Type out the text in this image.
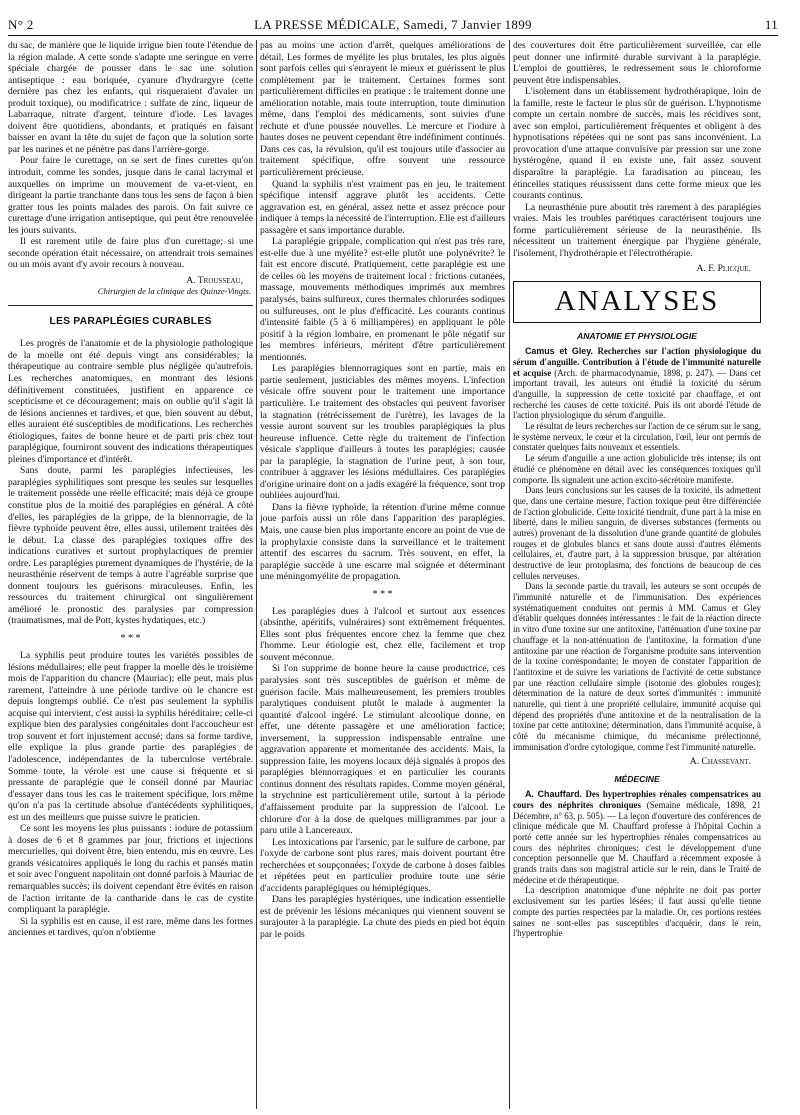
N° 2	LA PRESSE MÉDICALE, Samedi, 7 Janvier 1899	11

du sac, de manière que le liquide irrigue bien toute l'étendue de la région malade. A cette sonde s'adapte une seringue en verre spéciale chargée de pousser dans le sac une solution antiseptique : eau boriquée, cyanure d'hydrargyre (cette dernière pas chez les enfants, qui risqueraient d'avaler un produit toxique), ou modificatrice : sulfate de zinc, liqueur de Labarraque, nitrate d'argent, teinture d'iode. Les lavages doivent être quotidiens, abondants, et pratiqués en faisant baisser en avant la tête du sujet de façon que la solution sorte par les narines et ne pénètre pas dans l'arrière-gorge.

Pour faire le curettage, on se sert de fines curettes qu'on introduit, comme les sondes, jusque dans le canal lacrymal et auxquelles on imprime un mouvement de va-et-vient, en dirigeant la partie tranchante dans tous les sens de façon à bien gratter tous les points malades des parois. On fait suivre ce curettage d'une irrigation antiseptique, qui peut être renouvelée les jours suivants.

Il est rarement utile de faire plus d'un curettage; si une seconde opération était nécessaire, on attendrait trois semaines ou un mois avant d'y avoir recours à nouveau.

A. Trousseau,
Chirurgien de la clinique des Quinze-Vingts.
LES PARAPLÉGIES CURABLES

Les progrès de l'anatomie et de la physiologie pathologique de la moelle ont été depuis vingt ans considérables; la thérapeutique au contraire semble plus négligée qu'autrefois. Les recherches anatomiques, en montrant des lésions définitivement constituées, justifient en apparence ce scepticisme et ce découragement; mais on oublie qu'il s'agit là de lésions anciennes et tardives, et que, bien souvent au début, elles auraient été susceptibles de modifications. Les recherches étiologiques, faites de bonne heure et de parti pris chez tout paraplégique, fourniront souvent des indications thérapeutiques pleines d'importance et d'intérêt.

Sans doute, parmi les paraplégies infectieuses, les paraplégies syphilitiques sont presque les seules sur lesquelles le traitement possède une réelle efficacité; mais déjà ce groupe constitue plus de la moitié des paraplégies en général. A côté d'elles, les paraplégies de la grippe, de la blennorragie, de la fièvre typhoïde peuvent être, elles aussi, utilement traitées dès le début. La classe des paraplégies toxiques offre des indications curatives et surtout prophylactiques de premier ordre. Les paraplégies purement dynamiques de l'hystérie, de la neurasthénie réservent de temps à autre l'agréable surprise que donnent toujours les guérisons miraculeuses. Enfin, les ressources du traitement chirurgical ont singulièrement amélioré le pronostic des paralysies par compression (traumatismes, mal de Pott, kystes hydatiques, etc.)

* * *

La syphilis peut produire toutes les variétés possibles de lésions médullaires; elle peut frapper la moelle dès le troisième mois de l'apparition du chancre (Mauriac); elle peut, mais plus rarement, l'atteindre à une période tardive où le chancre est depuis longtemps oublié. Ce n'est pas seulement la syphilis acquise qui intervient, c'est aussi la syphilis héréditaire; celle-ci explique bien des paralysies congénitales dont l'accoucheur est trop souvent et fort injustement accusé; dans sa forme tardive, elle explique la plus grande partie des paraplégies de l'adolescence, indépendantes de la tuberculose vertébrale. Somme toute, la vérole est une cause si fréquente et si pressante de paraplégie que le conseil donné par Mauriac d'essayer dans tous les cas le traitement spécifique, lors même qu'on n'a pas la certitude absolue d'antécédents syphilitiques, est un des meilleurs que puisse suivre le praticien.

Ce sont les moyens les plus puissants : iodure de potassium à doses de 6 et 8 grammes par jour, frictions et injections mercurielles, qui doivent être, bien entendu, mis en œuvre. Les grands vésicatoires appliqués le long du rachis et pansés matin et soir avec l'onguent napolitain ont donné parfois à Mauriac de remarquables succès; ils doivent cependant être évités en raison de l'action irritante de la cantharide dans le cas de cystite compliquant la paraplégie.

Si la syphilis est en cause, il est rare, même dans les formes anciennes et tardives, qu'on n'obtienne

pas au moins une action d'arrêt, quelques améliorations de détail. Les formes de myélite les plus brutales, les plus aiguës sont parfois celles qui s'enrayent le mieux et guérissent le plus complètement par le traitement. Certaines formes sont particulièrement difficiles en pratique : le traitement donne une amélioration notable, mais toute interruption, toute diminution même, dans l'emploi des médicaments, sont suivies d'une rechute et d'une poussée nouvelles. Le mercure et l'iodure à hautes doses ne peuvent cependant être indéfiniment continués. Dans ces cas, la révulsion, qu'il est toujours utile d'associer au traitement spécifique, offre souvent une ressource particulièrement précieuse.

Quand la syphilis n'est vraiment pas en jeu, le traitement spécifique intensif aggrave plutôt les accidents. Cette aggravation est, en général, assez nette et assez précoce pour indiquer à temps la nécessité de l'interruption. Elle est d'ailleurs passagère et sans importance durable.

La paraplégie grippale, complication qui n'est pas très rare, est-elle due à une myélite? est-elle plutôt une polynévrite? le fait est encore discuté. Pratiquement, cette paraplégie est une de celles où les moyens de traitement local : frictions cutanées, massage, mouvements méthodiques imprimés aux membres paralysés, bains sulfureux, cures thermales chlorurées sodiques ou sulfureuses, ont le plus d'efficacité. Les courants continus d'intensité faible (5 à 6 milliampères) en appliquant le pôle positif à la région lombaire, en promenant le pôle négatif sur les membres inférieurs, méritent d'être particulièrement mentionnés.

Les paraplégies blennorragiques sont en partie, mais en partie seulement, justiciables des mêmes moyens. L'infection vésicale offre souvent pour le traitement une importance particulière. Le traitement des obstacles qui peuvent favoriser la stagnation (rétrécissement de l'urètre), les lavages de la vessie auront souvent sur les troubles paraplégiques la plus heureuse influence. Cette règle du traitement de l'infection vésicale s'applique d'ailleurs à toutes les paraplégies; causée par la paraplégie, la stagnation de l'urine peut, à son tour, contribuer à aggraver les lésions médullaires. Ces paraplégies d'origine urinaire dont on a jadis exagéré la fréquence, sont trop oubliées aujourd'hui.

Dans la fièvre typhoïde, la rétention d'urine même connue joue parfois aussi un rôle dans l'apparition des paraplégies. Mais, une cause bien plus importante encore au point de vue de la prophylaxie consiste dans la surveillance et le traitement attentif des escarres du sacrum. Très souvent, en effet, la paraplégie succède à une escarre mal soignée et déterminant une méningomyélite de propagation.

* * *

Les paraplégies dues à l'alcool et surtout aux essences (absinthe, apéritifs, vulnéraires) sont extrêmement fréquentes. Elles sont plus fréquentes encore chez la femme que chez l'homme. Leur étiologie est, chez elle, facilement et trop souvent méconnue.

Si l'on supprime de bonne heure la cause productrice, ces paralysies sont très susceptibles de guérison et même de guérison facile. Mais malheureusement, les premiers troubles paralytiques conduisent plutôt le malade à augmenter la quantité d'alcool ingéré. Le stimulant alcoolique donne, en effet, une détente passagère et une amélioration factice; inversement, la suppression indispensable entraîne une aggravation apparente et momentanée des accidents. Mais, la suppression faite, les moyens locaux déjà signalés à propos des paraplégies blennorragiques et en particulier les courants continus donnent des résultats rapides. Comme moyen général, la strychnine est particulièrement utile, surtout à la période d'affaissement produite par la suppression de l'alcool. Le chlorure d'or à la dose de quelques milligrammes par jour a paru utile à Lancereaux.

Les intoxications par l'arsenic, par le sulfure de carbone, par l'oxyde de carbone sont plus rares, mais doivent pourtant être recherchées et soupçonnées; l'oxyde de carbone à doses faibles et répétées peut en particulier produire toute une série d'accidents paraplégiques ou hémiplégiques.

Dans les paraplégies hystériques, une indication essentielle est de prévenir les lésions mécaniques qui viennent souvent se surajouter à la paraplégie. La chute des pieds en pied bot équin par le poids

des couvertures doit être particulièrement surveillée, car elle peut donner une infirmité durable survivant à la paraplégie. L'emploi de gouttières, le redressement sous le chloroforme peuvent être indispensables.

L'isolement dans un établissement hydrothérapique, loin de la famille, reste le facteur le plus sûr de guérison. L'hypnotisme compte un certain nombre de succès, mais les récidives sont, avec son emploi, particulièrement fréquentes et obligent à des hypnotisations répétées qui ne sont pas sans inconvénient. La provocation d'une attaque convulsive par pression sur une zone hystérogène, quand il en existe une, fait assez souvent disparaître la paraplégie. La faradisation au pinceau, les étincelles statiques réussissent dans cette forme mieux que les courants continus.

La neurasthénie pure aboutit très rarement à des paraplégies vraies. Mais les troubles parétiques caractérisent toujours une forme particulièrement sérieuse de la neurasthénie. Ils nécessitent un traitement énergique par l'hygiène générale, l'isolement, l'hydrothérapie et l'électrothérapie.

A. F. Plicque.
ANALYSES
ANATOMIE ET PHYSIOLOGIE

Camus et Gley. Recherches sur l'action physiologique du sérum d'anguille. Contribution à l'étude de l'immunité naturelle et acquise (Arch. de pharmacodynamie, 1898, p. 247). — Dans cet important travail, les auteurs ont étudié la toxicité du sérum d'anguille, la suppression de cette toxicité par chauffage, et ont recherché les causes de cette toxicité. Puis ils ont abordé l'étude de l'action physiologique du sérum d'anguille.

Le résultat de leurs recherches sur l'action de ce sérum sur le sang, le système nerveux, le cœur et la circulation, l'œil, leur ont permis de constater quelques faits nouveaux et essentiels.

Le sérum d'anguille a une action globulicide très intense; ils ont étudié ce phénomène en détail avec les conséquences toxiques qu'il comporte. Ils signalent une action excito-sécrétoire manifeste.

Dans leurs conclusions sur les causes de la toxicité, ils admettent que, dans une certaine mesure, l'action toxique peut être différenciée de l'action globulicide. Cette toxicité tiendrait, d'une part à la mise en liberté, dans le milieu sanguin, de diverses substances (ferments ou autres) provenant de la dissolution d'une grande quantité de globules rouges et de globules blancs et sans doute aussi d'autres éléments cellulaires, et, d'autre part, à la suppression brusque, par altération destructive de leur protoplasma, des fonctions de beaucoup de ces cellules nerveuses.

Dans la seconde partie du travail, les auteurs se sont occupés de l'immunité naturelle et de l'immunisation. Des expériences systématiquement conduites ont permis à MM. Camus et Gley d'établir quelques données intéressantes : le fait de la réaction directe in vitro d'une toxine sur une antitoxine, l'atténuation d'une toxine par chauffage et la non-atténuation de l'antitoxine, la formation d'une antitoxine par une réaction de l'organisme produite sans intervention de la toxine correspondante; le moyen de constater l'apparition de l'antitoxine et de suivre les variations de l'activité de cette substance par une réaction cellulaire simple (isotonie des globules rouges); détermination de la nature de deux sortes d'immunités : immunité naturelle, qui tient à une propriété cellulaire, immunité acquise qui dépend des propriétés d'une antitoxine et de la neutralisation de la toxine par cette antitoxine; détermination, dans l'immunité acquise, à côté du mécanisme chimique, du mécanisme prélectionné, immunisation d'ordre cytologique, comme l'est l'immunité naturelle.

A. Chassevant.
MÉDECINE

A. Chauffard. Des hypertrophies rénales compensatrices au cours des néphrites chroniques (Semaine médicale, 1898, 21 Décembre, n° 63, p. 505). — La leçon d'ouverture des conférences de clinique médicale que M. Chauffard professe à l'hôpital Cochin a porté cette année sur les hypertrophies rénales compensatrices au cours des néphrites chroniques; c'est le développement d'une conception personnelle que M. Chauffard a récemment exposée à grands traits dans son magistral article sur le rein, dans le Traité de médecine et de thérapeutique.

La description anatomique d'une néphrite ne doit pas porter exclusivement sur les parties lésées; il faut aussi qu'elle tienne compte des parties respectées par la maladie. Or, ces portions restées saines ne sont-elles pas susceptibles d'acquérir, dans le rein, l'hypertrophie
